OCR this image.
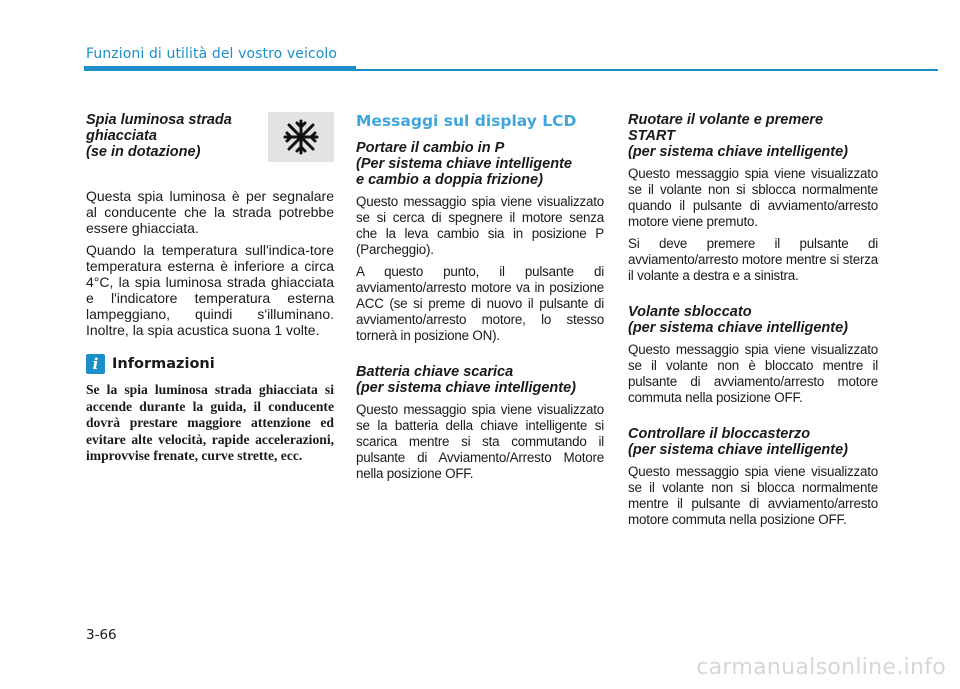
Funzioni di utilità del vostro veicolo
Spia luminosa strada
ghiacciata
(se in dotazione)
Questa spia luminosa è per segnalare al conducente che la strada potrebbe essere ghiacciata.
Quando la temperatura sull'indica-tore temperatura esterna è inferiore a circa 4°C, la spia luminosa strada ghiacciata e l'indicatore temperatura esterna lampeggiano, quindi s'illuminano. Inoltre, la spia acustica suona 1 volte.
i Informazioni
Se la spia luminosa strada ghiacciata si accende durante la guida, il conducente dovrà prestare maggiore attenzione ed evitare alte velocità, rapide accelerazioni, improvvise frenate, curve strette, ecc.
Messaggi sul display LCD
Portare il cambio in P
(Per sistema chiave intelligente
e cambio a doppia frizione)
Questo messaggio spia viene visualizzato se si cerca di spegnere il motore senza che la leva cambio sia in posizione P (Parcheggio).
A questo punto, il pulsante di avviamento/arresto motore va in posizione ACC (se si preme di nuovo il pulsante di avviamento/arresto motore, lo stesso tornerà in posizione ON).
Batteria chiave scarica
(per sistema chiave intelligente)
Questo messaggio spia viene visualizzato se la batteria della chiave intelligente si scarica mentre si sta commutando il pulsante di Avviamento/Arresto Motore nella posizione OFF.
Ruotare il volante e premere
START
(per sistema chiave intelligente)
Questo messaggio spia viene visualizzato se il volante non si sblocca normalmente quando il pulsante di avviamento/arresto motore viene premuto.
Si deve premere il pulsante di avviamento/arresto motore mentre si sterza il volante a destra e a sinistra.
Volante sbloccato
(per sistema chiave intelligente)
Questo messaggio spia viene visualizzato se il volante non è bloccato mentre il pulsante di avviamento/arresto motore commuta nella posizione OFF.
Controllare il bloccasterzo
(per sistema chiave intelligente)
Questo messaggio spia viene visualizzato se il volante non si blocca normalmente mentre il pulsante di avviamento/arresto motore commuta nella posizione OFF.
3-66
carmanualsonline.info
